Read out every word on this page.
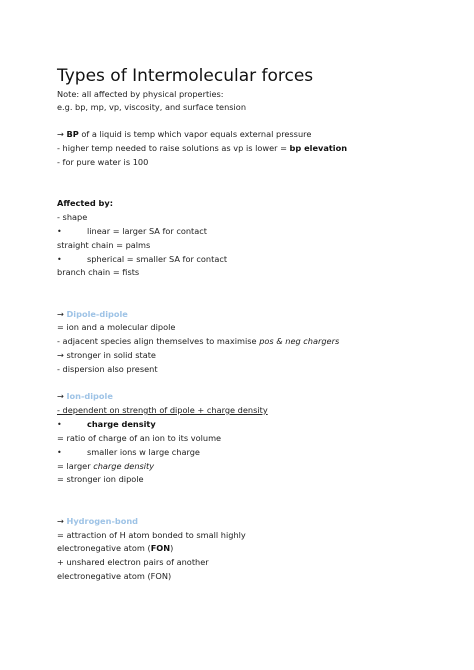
Types of Intermolecular forces
Note: all affected by physical properties:
e.g. bp, mp, vp, viscosity, and surface tension
→ BP of a liquid is temp which vapor equals external pressure
- higher temp needed to raise solutions as vp is lower = bp elevation
- for pure water is 100
Affected by:
- shape
•	linear = larger SA for contact
straight chain = palms
•	spherical = smaller SA for contact
branch chain = fists
→ Dipole-dipole
= ion and a molecular dipole
- adjacent species align themselves to maximise pos & neg chargers
→ stronger in solid state
- dispersion also present
→ Ion-dipole
- dependent on strength of dipole + charge density
•	charge density
= ratio of charge of an ion to its volume
•	smaller ions w large charge
= larger charge density
= stronger ion dipole
→ Hydrogen-bond
= attraction of H atom bonded to small highly
electronegative atom (FON)
+ unshared electron pairs of another
electronegative atom (FON)
